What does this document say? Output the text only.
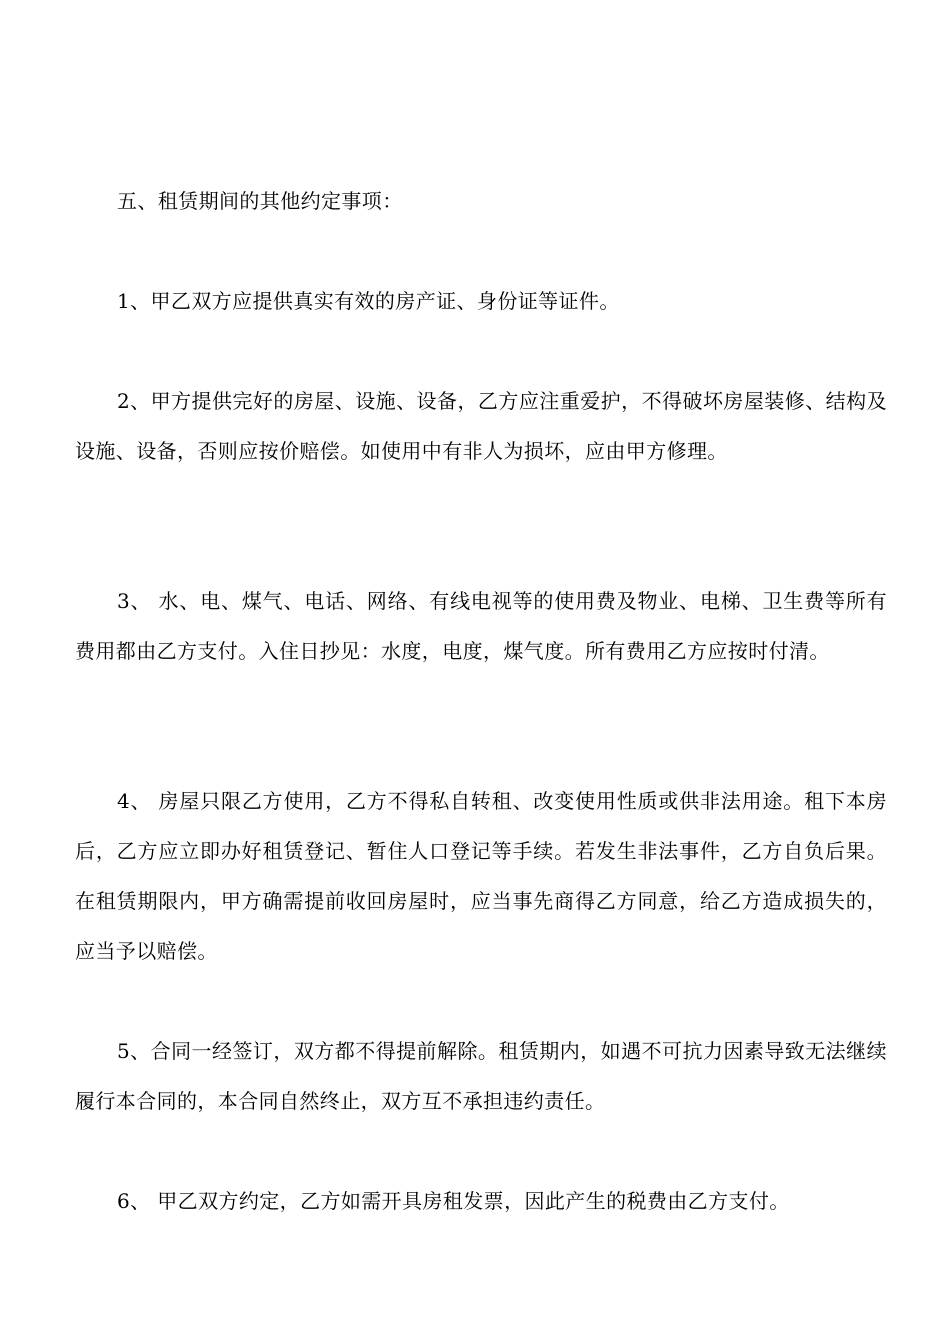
五、租赁期间的其他约定事项：

1、甲乙双方应提供真实有效的房产证、身份证等证件。

2、甲方提供完好的房屋、设施、设备，乙方应注重爱护，不得破坏房屋装修、结构及设施、设备，否则应按价赔偿。如使用中有非人为损坏，应由甲方修理。

3、 水、电、煤气、电话、网络、有线电视等的使用费及物业、电梯、卫生费等所有费用都由乙方支付。入住日抄见：水度，电度，煤气度。所有费用乙方应按时付清。

4、 房屋只限乙方使用，乙方不得私自转租、改变使用性质或供非法用途。租下本房后，乙方应立即办好租赁登记、暂住人口登记等手续。若发生非法事件，乙方自负后果。在租赁期限内，甲方确需提前收回房屋时，应当事先商得乙方同意，给乙方造成损失的，应当予以赔偿。

5、合同一经签订，双方都不得提前解除。租赁期内，如遇不可抗力因素导致无法继续履行本合同的，本合同自然终止，双方互不承担违约责任。

6、 甲乙双方约定，乙方如需开具房租发票，因此产生的税费由乙方支付。
